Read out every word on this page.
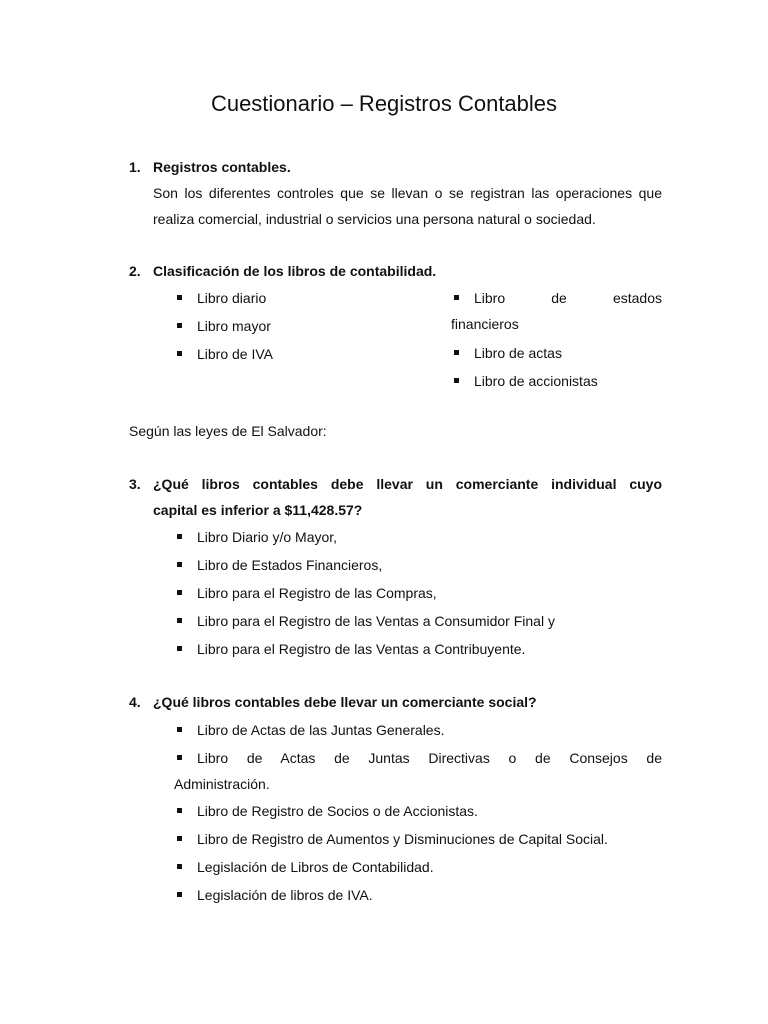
Cuestionario – Registros Contables
1. Registros contables.

Son los diferentes controles que se llevan o se registran las operaciones que realiza comercial, industrial o servicios una persona natural o sociedad.

2. Clasificación de los libros de contabilidad.
Libro diario
Libro mayor
Libro de IVA
Libro de estados
financieros
Libro de actas
Libro de accionistas

Según las leyes de El Salvador:

3. ¿Qué libros contables debe llevar un comerciante individual cuyo
capital es inferior a $11,428.57?
Libro Diario y/o Mayor,
Libro de Estados Financieros,
Libro para el Registro de las Compras,
Libro para el Registro de las Ventas a Consumidor Final y
Libro para el Registro de las Ventas a Contribuyente.
4. ¿Qué libros contables debe llevar un comerciante social?
Libro de Actas de las Juntas Generales.
Libro de Actas de Juntas Directivas o de Consejos de
Administración.
Libro de Registro de Socios o de Accionistas.
Libro de Registro de Aumentos y Disminuciones de Capital Social.
Legislación de Libros de Contabilidad.
Legislación de libros de IVA.
